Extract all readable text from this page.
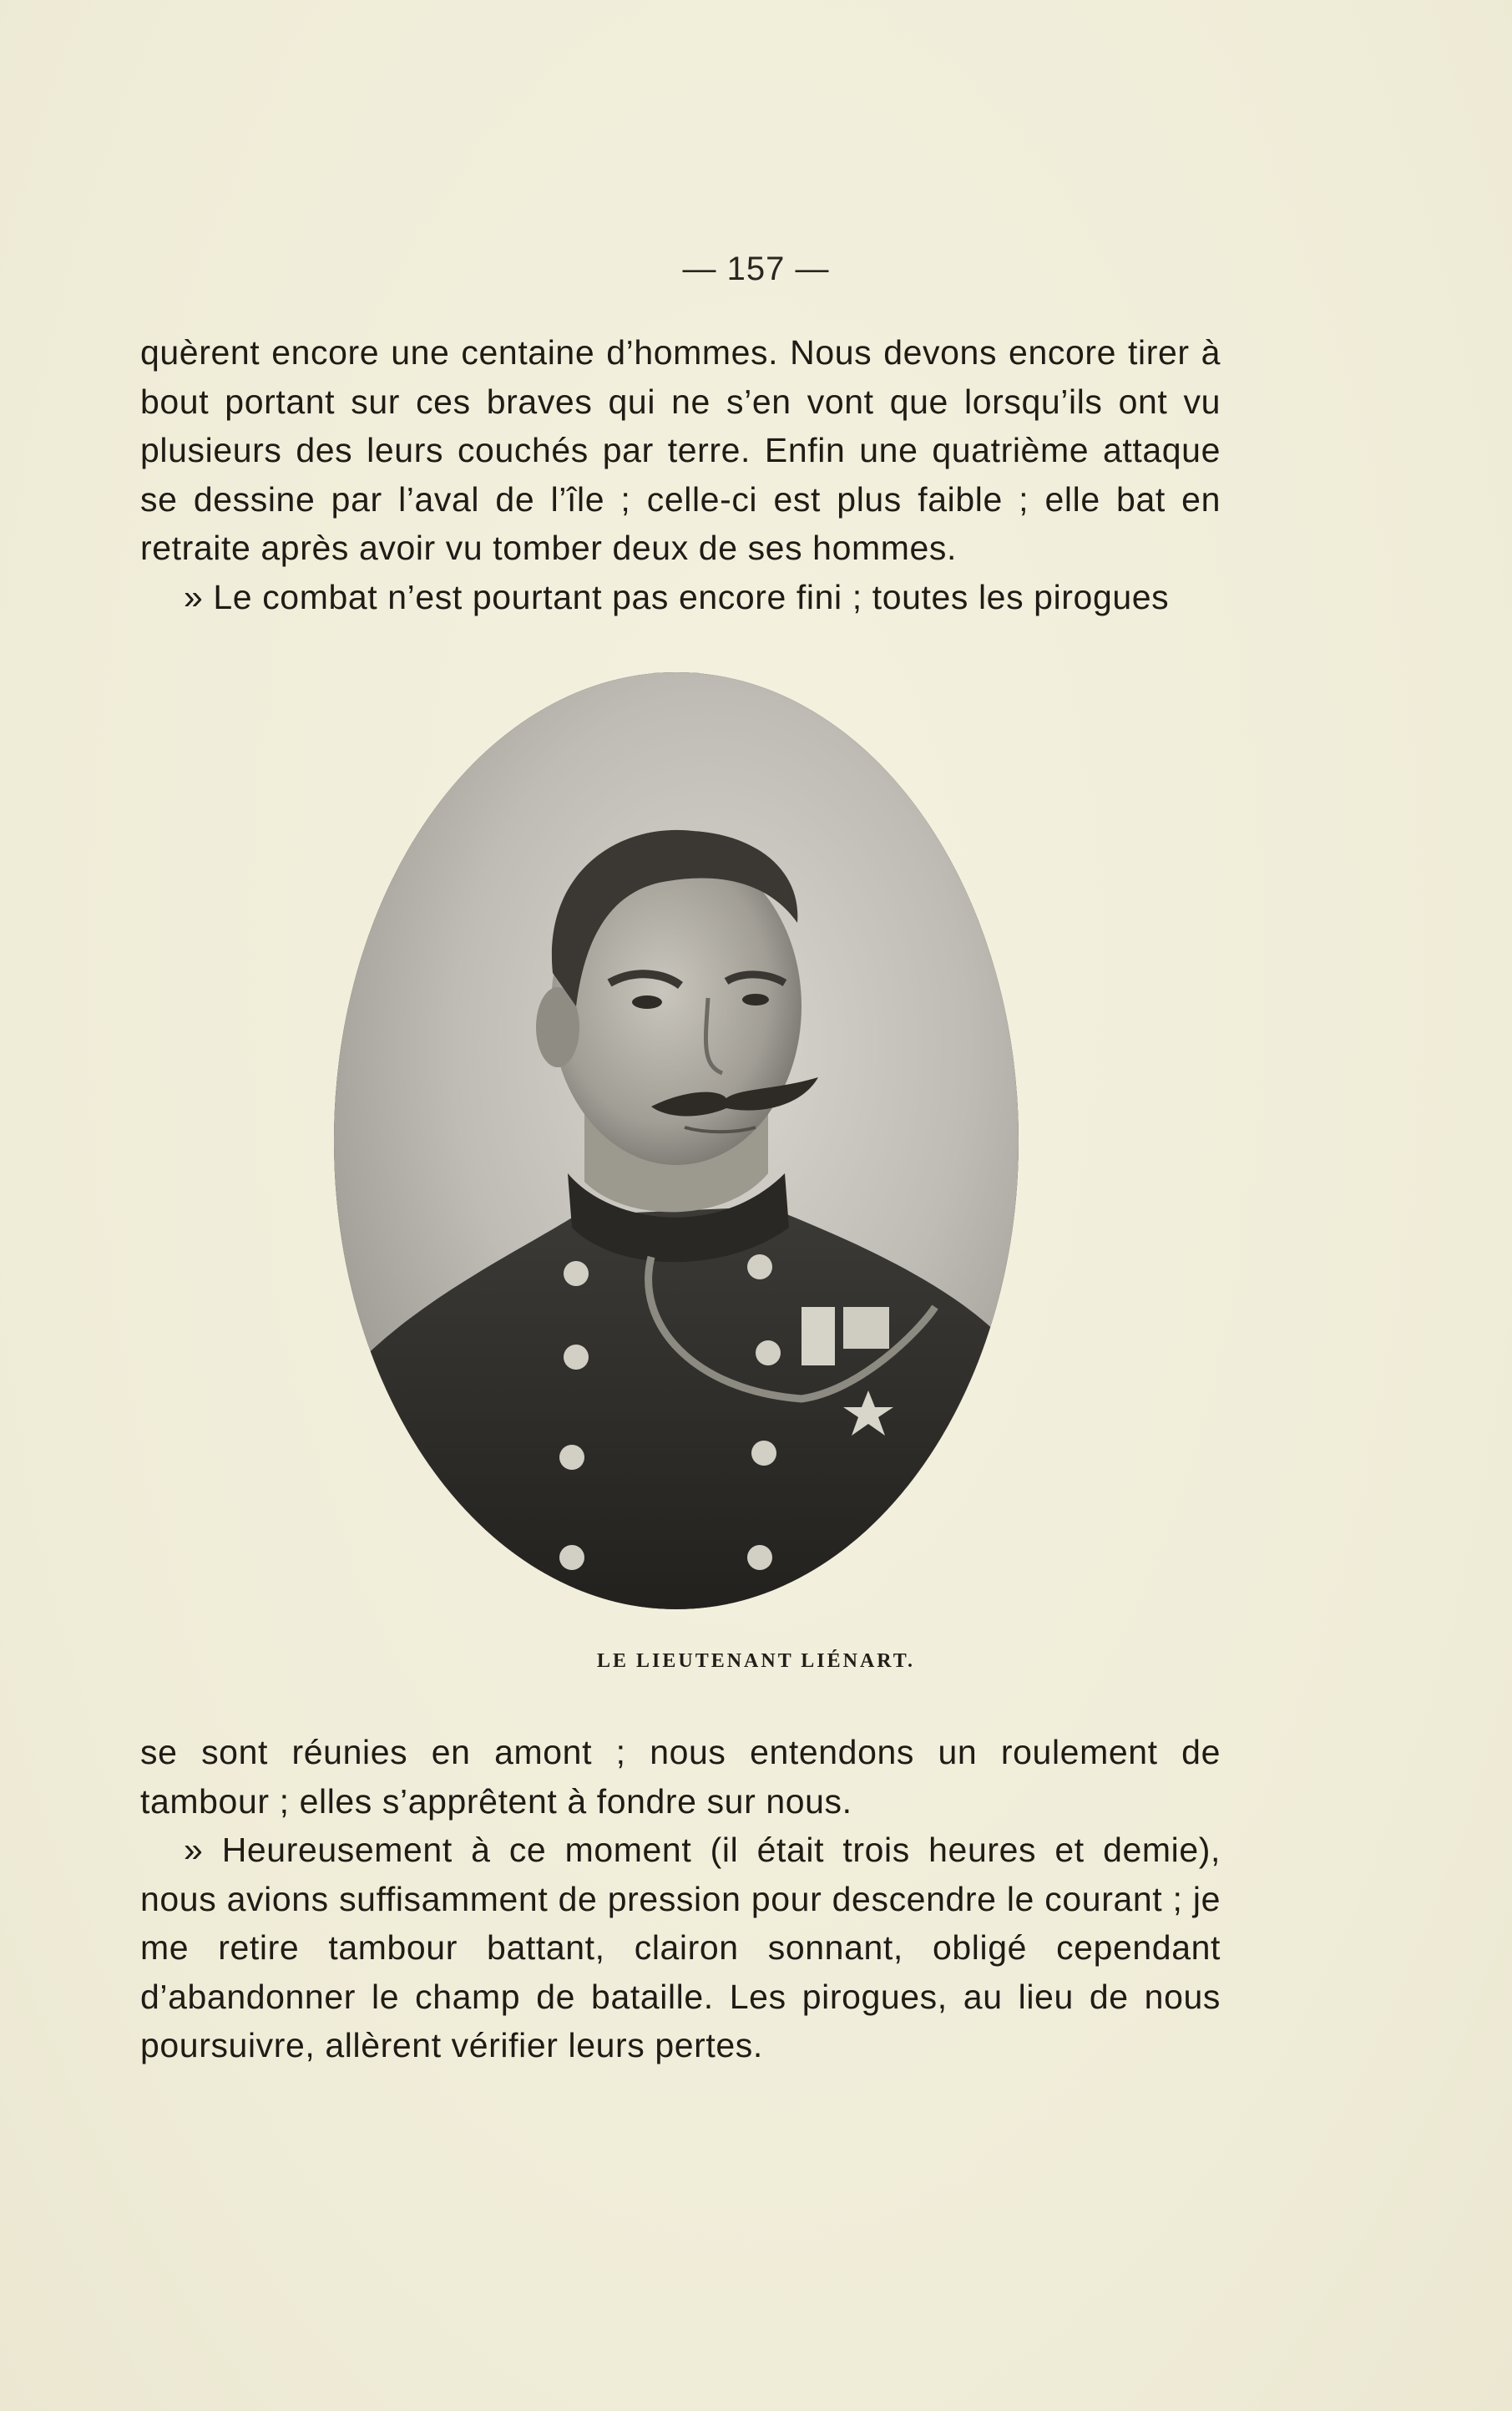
— 157 —

quèrent encore une centaine d’hommes. Nous devons encore tirer à bout portant sur ces braves qui ne s’en vont que lorsqu’ils ont vu plusieurs des leurs couchés par terre. Enfin une quatrième attaque se dessine par l’aval de l’île ; celle-ci est plus faible ; elle bat en retraite après avoir vu tomber deux de ses hommes.

» Le combat n’est pourtant pas encore fini ; toutes les pirogues

LE LIEUTENANT LIÉNART.

se sont réunies en amont ; nous entendons un roulement de tambour ; elles s’apprêtent à fondre sur nous.

» Heureusement à ce moment (il était trois heures et demie), nous avions suffisamment de pression pour descendre le courant ; je me retire tambour battant, clairon sonnant, obligé cependant d’abandonner le champ de bataille. Les pirogues, au lieu de nous poursuivre, allèrent vérifier leurs pertes.
